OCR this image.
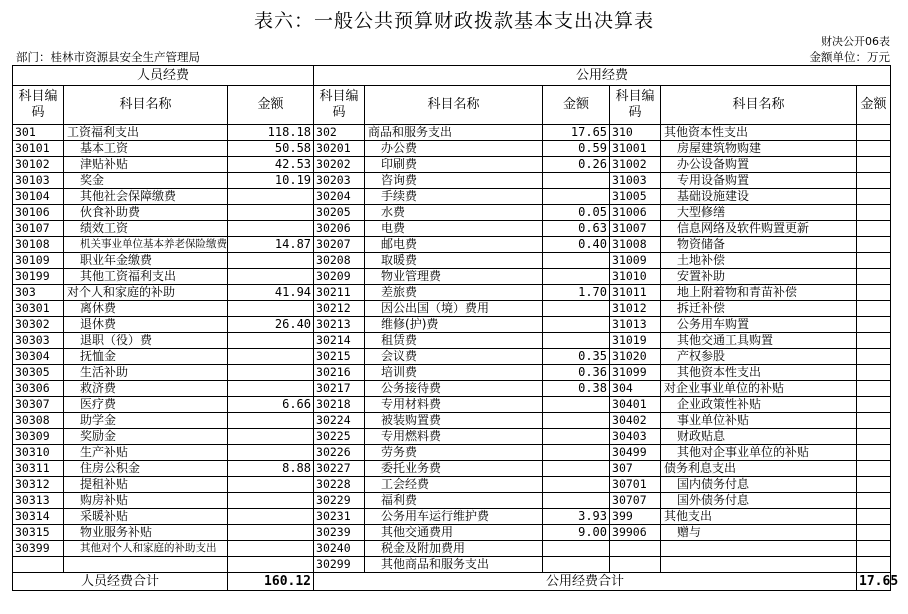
表六：一般公共预算财政拨款基本支出决算表
财决公开06表
部门：桂林市资源县安全生产管理局	金额单位：万元
人员经费			公用经费					
科目编码	科目名称	金额	科目编码	科目名称	金额	科目编码	科目名称	金额
301	工资福利支出	118.18	302	商品和服务支出	17.65	310	其他资本性支出	
30101	基本工资	50.58	30201	办公费	0.59	31001	房屋建筑物购建	
30102	津贴补贴	42.53	30202	印刷费	0.26	31002	办公设备购置	
30103	奖金	10.19	30203	咨询费		31003	专用设备购置	
30104	其他社会保障缴费		30204	手续费		31005	基础设施建设	
30106	伙食补助费		30205	水费	0.05	31006	大型修缮	
30107	绩效工资		30206	电费	0.63	31007	信息网络及软件购置更新	
30108	机关事业单位基本养老保险缴费	14.87	30207	邮电费	0.40	31008	物资储备	
30109	职业年金缴费		30208	取暖费		31009	土地补偿	
30199	其他工资福利支出		30209	物业管理费		31010	安置补助	
303	对个人和家庭的补助	41.94	30211	差旅费	1.70	31011	地上附着物和青苗补偿	
30301	离休费		30212	因公出国（境）费用		31012	拆迁补偿	
30302	退休费	26.40	30213	维修(护)费		31013	公务用车购置	
30303	退职（役）费		30214	租赁费		31019	其他交通工具购置	
30304	抚恤金		30215	会议费	0.35	31020	产权参股	
30305	生活补助		30216	培训费	0.36	31099	其他资本性支出	
30306	救济费		30217	公务接待费	0.38	304	对企业事业单位的补贴	
30307	医疗费	6.66	30218	专用材料费		30401	企业政策性补贴	
30308	助学金		30224	被装购置费		30402	事业单位补贴	
30309	奖励金		30225	专用燃料费		30403	财政贴息	
30310	生产补贴		30226	劳务费		30499	其他对企事业单位的补贴	
30311	住房公积金	8.88	30227	委托业务费		307	债务利息支出	
30312	提租补贴		30228	工会经费		30701	国内债务付息	
30313	购房补贴		30229	福利费		30707	国外债务付息	
30314	采暖补贴		30231	公务用车运行维护费	3.93	399	其他支出	
30315	物业服务补贴		30239	其他交通费用	9.00	39906	赠与	
30399	其他对个人和家庭的补助支出		30240	税金及附加费用				
			30299	其他商品和服务支出				
人员经费合计		160.12	公用经费合计					17.65
